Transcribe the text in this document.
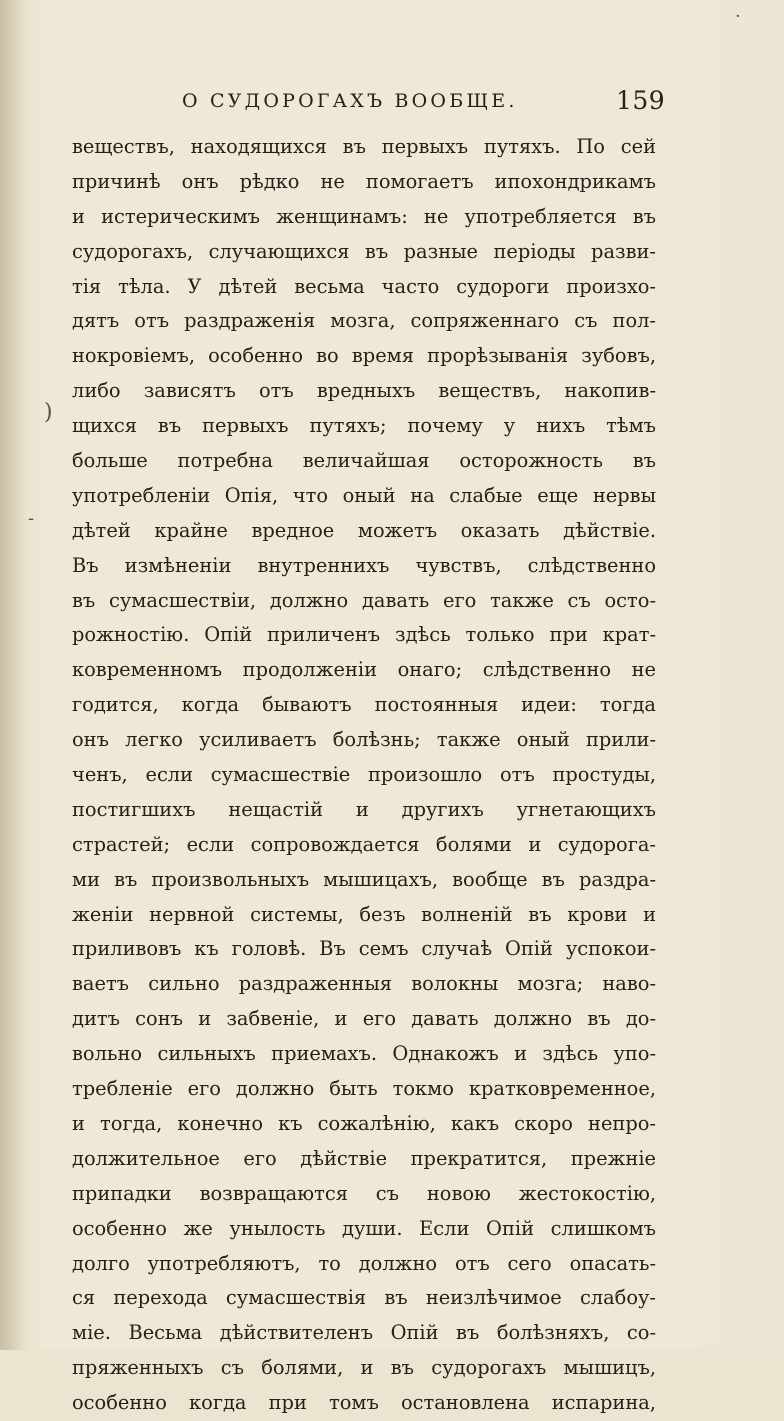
·
)
-
О СУДОРОГАХЪ ВООБЩЕ.	159
веществъ, находящихся въ первыхъ путяхъ. По сей
причинѣ онъ рѣдко не помогаетъ ипохондрикамъ
и истерическимъ женщинамъ: не употребляется въ
судорогахъ, случающихся въ разные періоды разви-
тія тѣла. У дѣтей весьма часто судороги произхо-
дятъ отъ раздраженія мозга, сопряженнаго съ пол-
нокровіемъ, особенно во время прорѣзыванія зубовъ,
либо зависятъ отъ вредныхъ веществъ, накопив-
щихся въ первыхъ путяхъ; почему у нихъ тѣмъ
больше потребна величайшая осторожность въ
употребленіи Опія, что оный на слабые еще нервы
дѣтей крайне вредное можетъ оказать дѣйствіе.
Въ измѣненіи внутреннихъ чувствъ, слѣдственно
въ сумасшествіи, должно давать его также съ осто-
рожностію. Опій приличенъ здѣсь только при крат-
ковременномъ продолженіи онаго; слѣдственно не
годится, когда бываютъ постоянныя идеи: тогда
онъ легко усиливаетъ болѣзнь; также оный прили-
ченъ, если сумасшествіе произошло отъ простуды,
постигшихъ нещастій и другихъ угнетающихъ
страстей; если сопровождается болями и судорога-
ми въ произвольныхъ мышицахъ, вообще въ раздра-
женіи нервной системы, безъ волненій въ крови и
приливовъ къ головѣ. Въ семъ случаѣ Опій успокои-
ваетъ сильно раздраженныя волокны мозга; наво-
дитъ сонъ и забвеніе, и его давать должно въ до-
вольно сильныхъ приемахъ. Однакожъ и здѣсь упо-
требленіе его должно быть токмо кратковременное,
и тогда, конечно къ сожалѣнію, какъ скоро непро-
должительное его дѣйствіе прекратится, прежніе
припадки возвращаются съ новою жестокостію,
особенно же унылость души. Если Опій слишкомъ
долго употребляютъ, то должно отъ сего опасать-
ся перехода сумасшествія въ неизлѣчимое слабоу-
міе. Весьма дѣйствителенъ Опій въ болѣзняхъ, со-
пряженныхъ съ болями, и въ судорогахъ мышицъ,
особенно когда при томъ остановлена испарина,
